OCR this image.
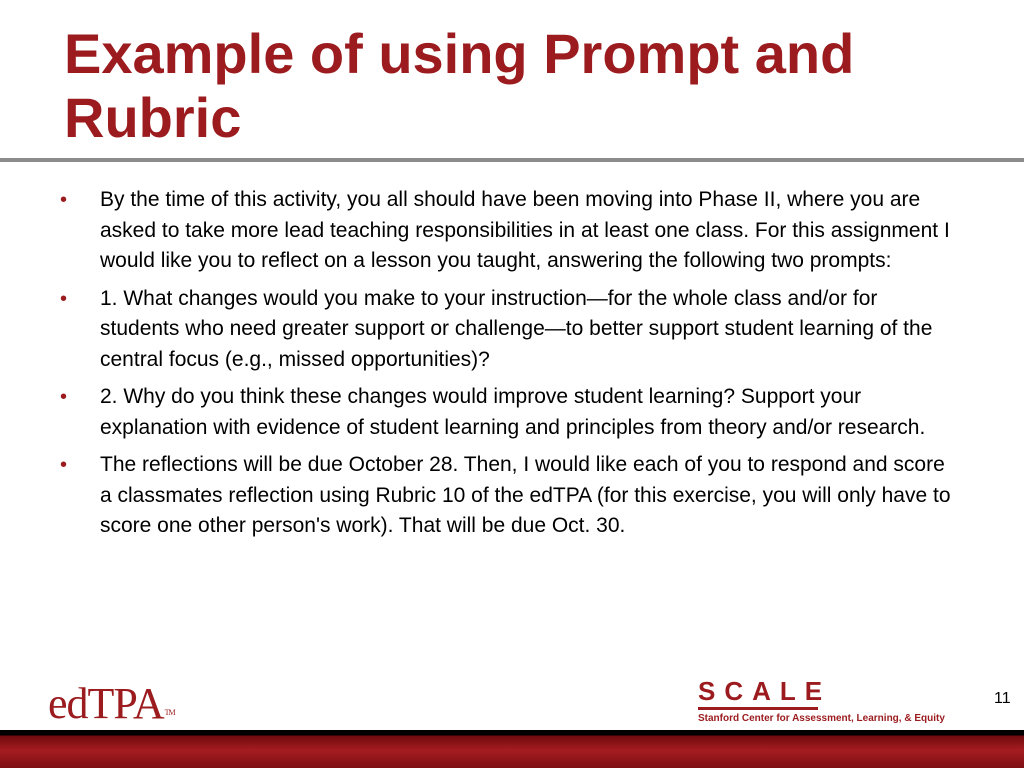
Example of using Prompt and Rubric
• By the time of this activity, you all should have been moving into Phase II, where you are asked to take more lead teaching responsibilities in at least one class. For this assignment I would like you to reflect on a lesson you taught, answering the following two prompts:
• 1. What changes would you make to your instruction—for the whole class and/or for students who need greater support or challenge—to better support student learning of the central focus (e.g., missed opportunities)?
• 2. Why do you think these changes would improve student learning? Support your explanation with evidence of student learning and principles from theory and/or research.
• The reflections will be due October 28. Then, I would like each of you to respond and score a classmates reflection using Rubric 10 of the edTPA (for this exercise, you will only have to score one other person's work). That will be due Oct. 30.
edTPA TM
SCALE
Stanford Center for Assessment, Learning, & Equity
11
